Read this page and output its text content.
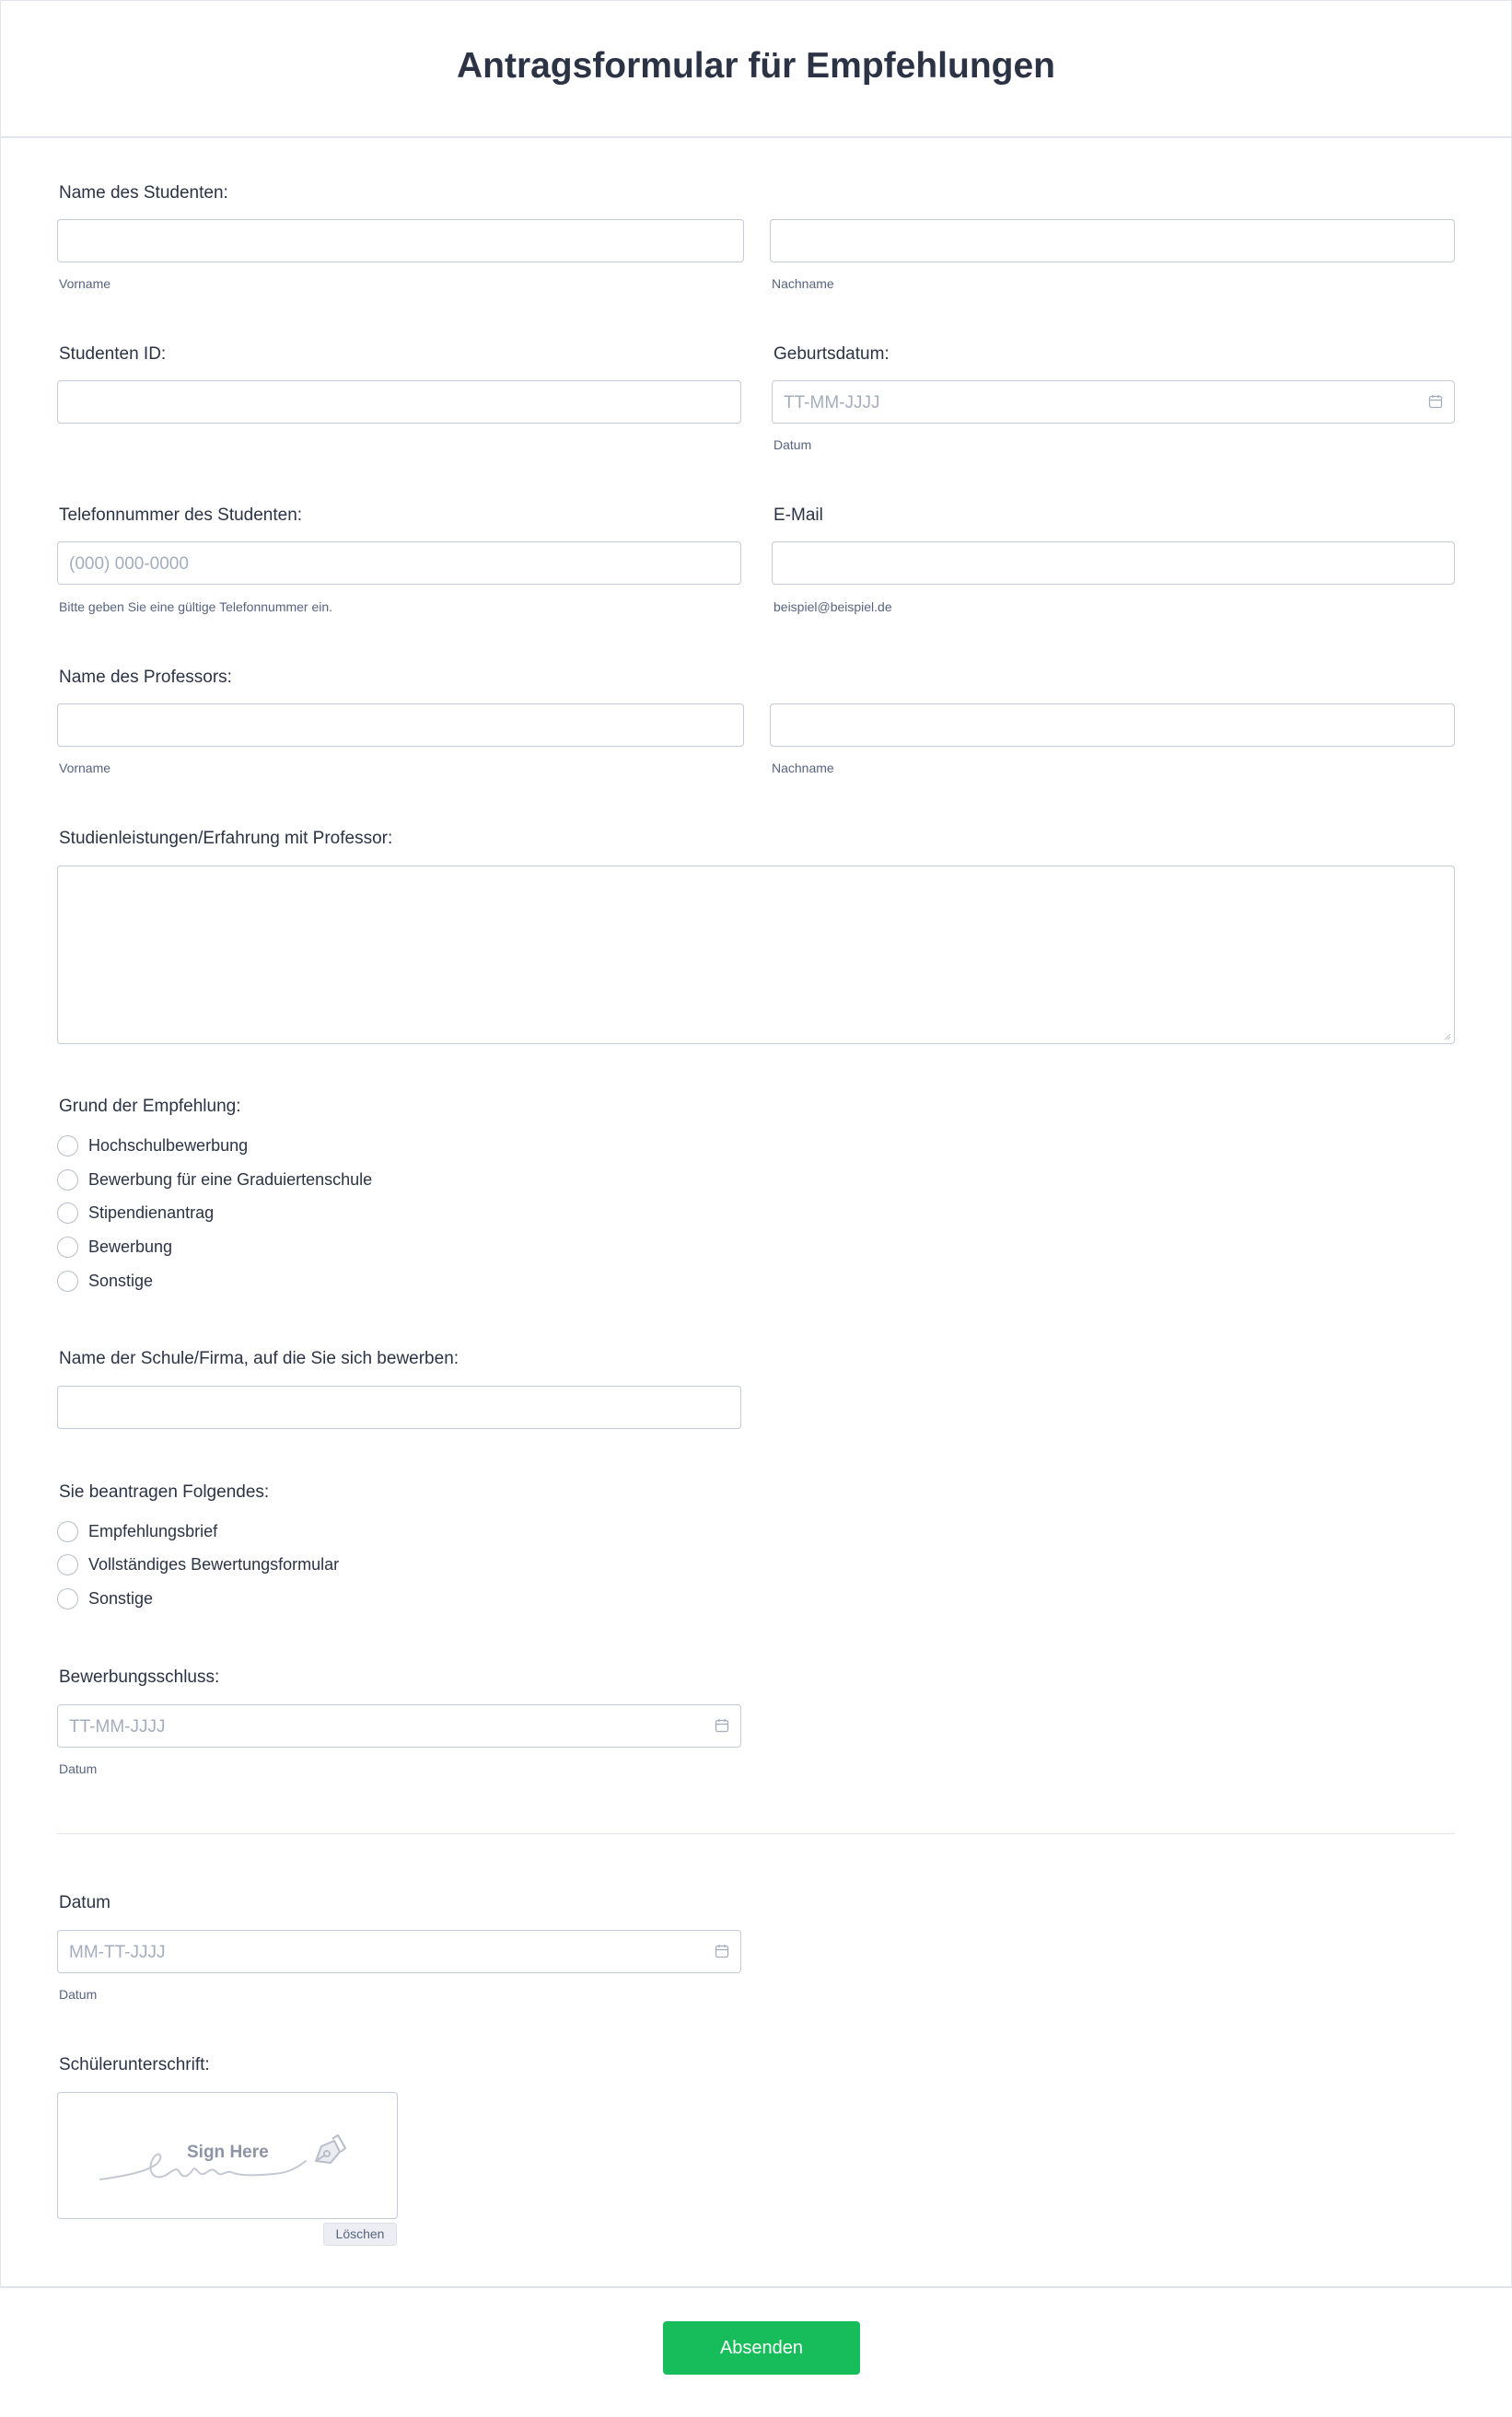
Antragsformular für Empfehlungen
Name des Studenten:
Vorname	Nachname
Studenten ID:	Geburtsdatum:
TT-MM-JJJJ
Datum
Telefonnummer des Studenten:
(000) 000-0000
Bitte geben Sie eine gültige Telefonnummer ein.
E-Mail
beispiel@beispiel.de
Name des Professors:
Vorname	Nachname
Studienleistungen/Erfahrung mit Professor:
Grund der Empfehlung:
Hochschulbewerbung
Bewerbung für eine Graduiertenschule
Stipendienantrag
Bewerbung
Sonstige
Name der Schule/Firma, auf die Sie sich bewerben:
Sie beantragen Folgendes:
Empfehlungsbrief
Vollständiges Bewertungsformular
Sonstige
Bewerbungsschluss:
TT-MM-JJJJ
Datum
Datum
MM-TT-JJJJ
Datum
Schülerunterschrift:
Sign Here
Löschen
Absenden
